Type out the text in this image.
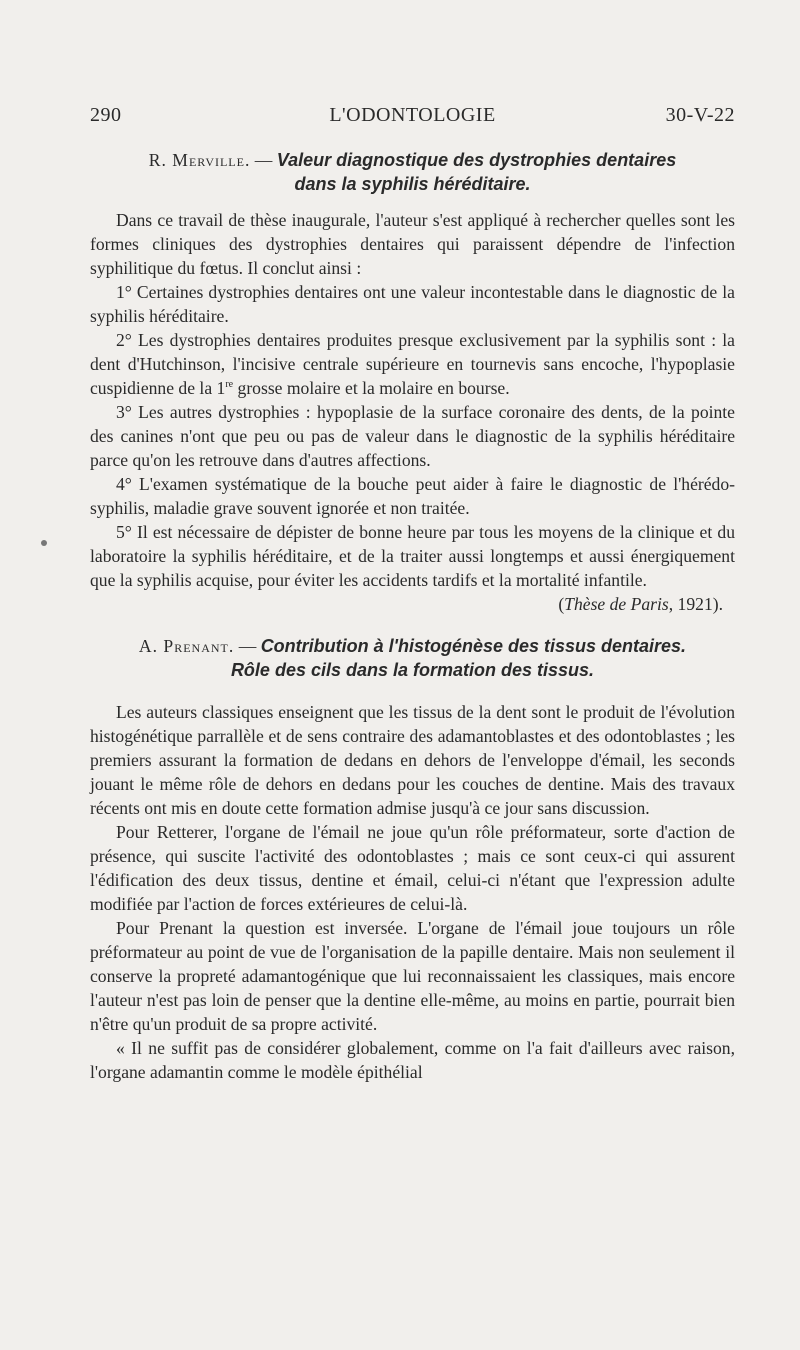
290	L'ODONTOLOGIE	30-V-22
R. Merville. — Valeur diagnostique des dystrophies dentaires
dans la syphilis héréditaire.

Dans ce travail de thèse inaugurale, l'auteur s'est appliqué à rechercher quelles sont les formes cliniques des dystrophies dentaires qui paraissent dépendre de l'infection syphilitique du fœtus. Il conclut ainsi :

1° Certaines dystrophies dentaires ont une valeur incontestable dans le diagnostic de la syphilis héréditaire.

2° Les dystrophies dentaires produites presque exclusivement par la syphilis sont : la dent d'Hutchinson, l'incisive centrale supérieure en tournevis sans encoche, l'hypoplasie cuspidienne de la 1re grosse molaire et la molaire en bourse.

3° Les autres dystrophies : hypoplasie de la surface coronaire des dents, de la pointe des canines n'ont que peu ou pas de valeur dans le diagnostic de la syphilis héréditaire parce qu'on les retrouve dans d'autres affections.

4° L'examen systématique de la bouche peut aider à faire le diagnostic de l'hérédo-syphilis, maladie grave souvent ignorée et non traitée.

5° Il est nécessaire de dépister de bonne heure par tous les moyens de la clinique et du laboratoire la syphilis héréditaire, et de la traiter aussi longtemps et aussi énergiquement que la syphilis acquise, pour éviter les accidents tardifs et la mortalité infantile.

(Thèse de Paris, 1921).
A. Prenant. — Contribution à l'histogénèse des tissus dentaires.
Rôle des cils dans la formation des tissus.

Les auteurs classiques enseignent que les tissus de la dent sont le produit de l'évolution histogénétique parrallèle et de sens contraire des adamantoblastes et des odontoblastes ; les premiers assurant la formation de dedans en dehors de l'enveloppe d'émail, les seconds jouant le même rôle de dehors en dedans pour les couches de dentine. Mais des travaux récents ont mis en doute cette formation admise jusqu'à ce jour sans discussion.

Pour Retterer, l'organe de l'émail ne joue qu'un rôle préformateur, sorte d'action de présence, qui suscite l'activité des odontoblastes ; mais ce sont ceux-ci qui assurent l'édification des deux tissus, dentine et émail, celui-ci n'étant que l'expression adulte modifiée par l'action de forces extérieures de celui-là.

Pour Prenant la question est inversée. L'organe de l'émail joue toujours un rôle préformateur au point de vue de l'organisation de la papille dentaire. Mais non seulement il conserve la propreté adamantogénique que lui reconnaissaient les classiques, mais encore l'auteur n'est pas loin de penser que la dentine elle-même, au moins en partie, pourrait bien n'être qu'un produit de sa propre activité.

« Il ne suffit pas de considérer globalement, comme on l'a fait d'ailleurs avec raison, l'organe adamantin comme le modèle épithélial
